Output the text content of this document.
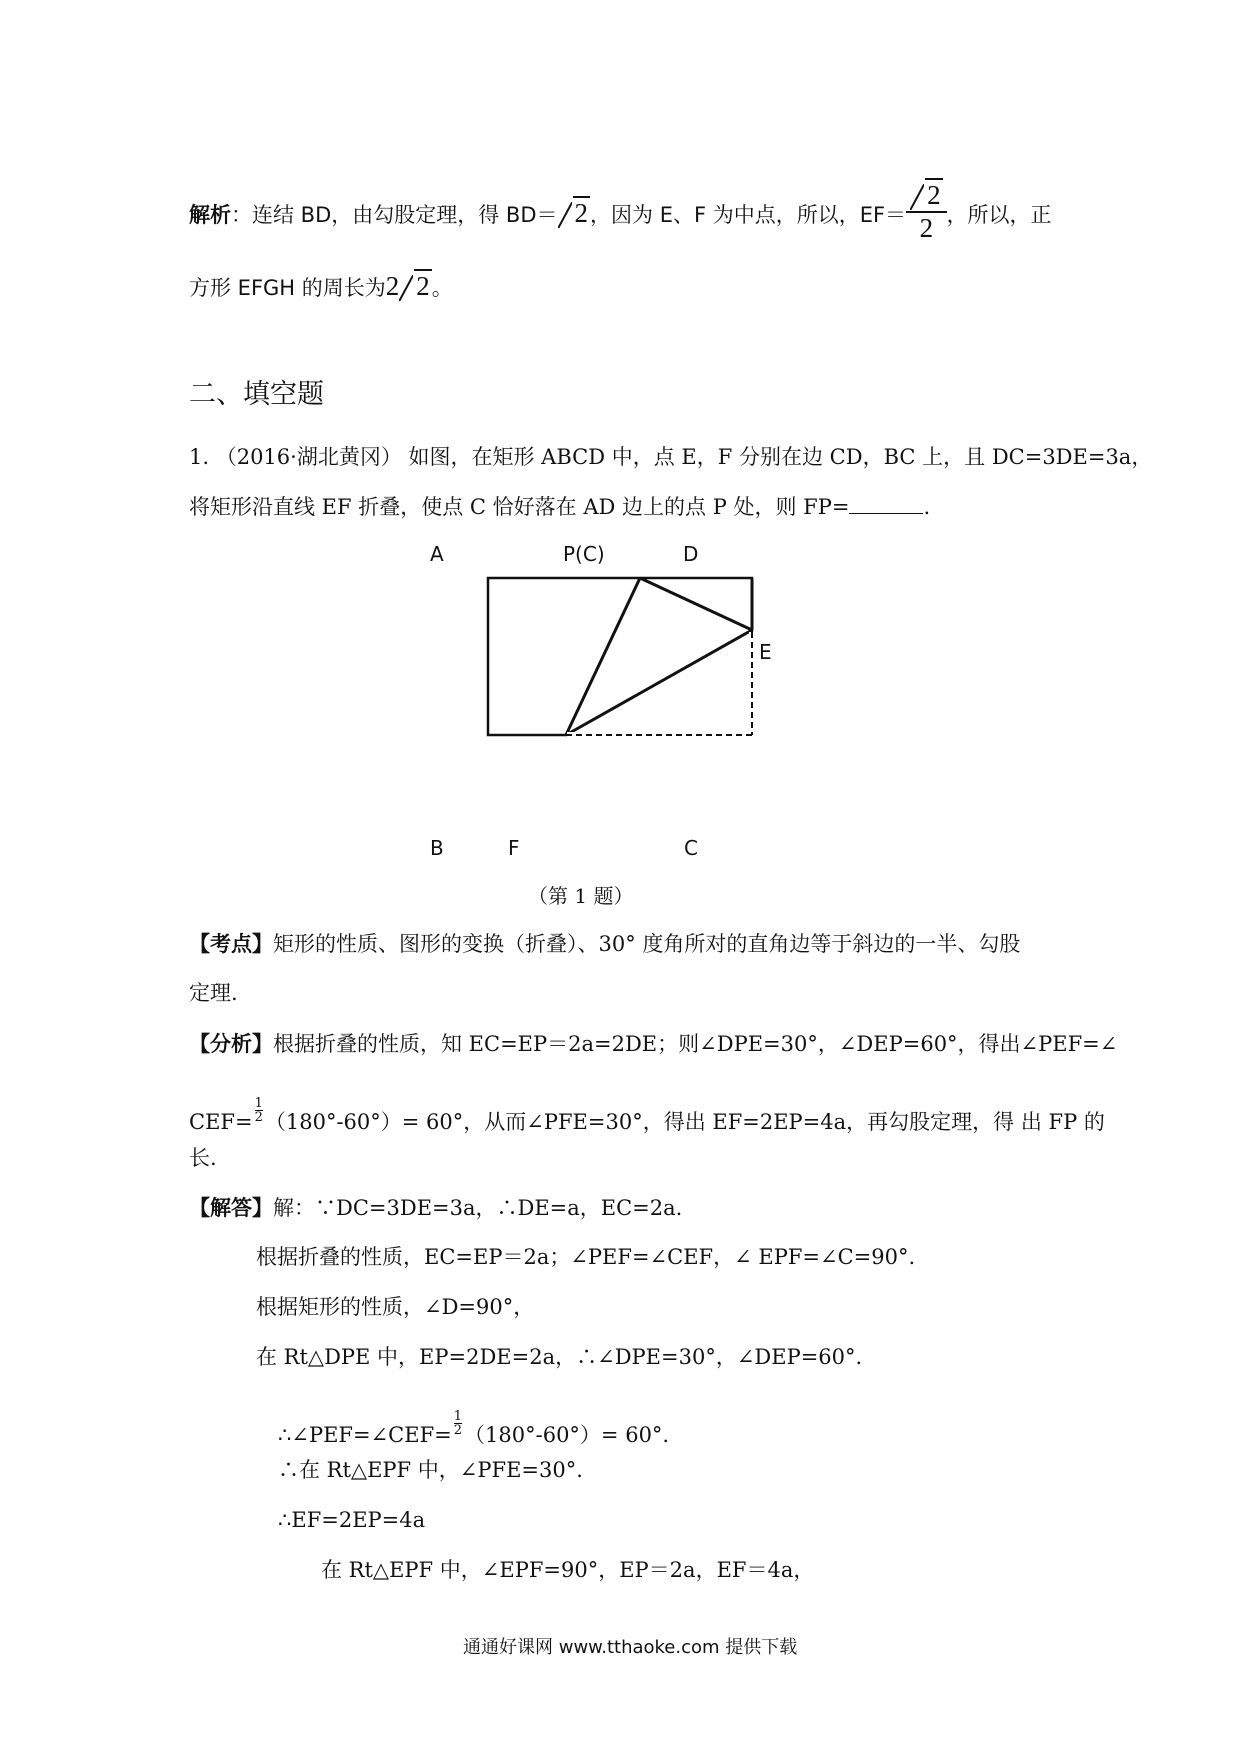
解析：连结 BD，由勾股定理，得 BD＝ 2，因为 E、F 为中点，所以，$EF= \frac{2}{2}$ ，所以，正
方形 EFGH 的周长为2 2。
二、填空题
1. （2016·湖北黄冈） 如图，在矩形 ABCD 中，点 E，F 分别在边 CD，BC 上，且 DC=3DE=3a，
将矩形沿直线 EF 折叠，使点 C 恰好落在 AD 边上的点 P 处，则 FP=	.
A	P(C)	D
E
B	F	C
（第 1 题）
【考点】矩形的性质、图形的变换（折叠）、30° 度角所对的直角边等于斜边的一半、勾股
定理.
【分析】根据折叠的性质，知 EC=EP＝2a=2DE；则∠DPE=30°，∠DEP=60°，得出∠PEF=∠
$CEF= \frac{1}{2} (180^\circ-60^\circ)= 60^\circ$，从而∠PFE=30°，得出 EF=2EP=4a，再勾股定理，得 出 FP 的
长.
【解答】解：∵DC=3DE=3a，∴DE=a，EC=2a.
根据折叠的性质，EC=EP＝2a；∠PEF=∠CEF，∠ EPF=∠C=90°.
根据矩形的性质，∠D=90°，
在 Rt△DPE 中，EP=2DE=2a，∴∠DPE=30°，∠DEP=60°.
∴∠PEF=∠CEF= $\frac{1}{2} (180^\circ-60^\circ)= 60^\circ$.
∴在 Rt△EPF 中，∠PFE=30°.
∴EF=2EP=4a
在 Rt△EPF 中，∠EPF=90°，EP＝2a，EF＝4a，
通通好课网 www.tthaoke.com 提供下载
